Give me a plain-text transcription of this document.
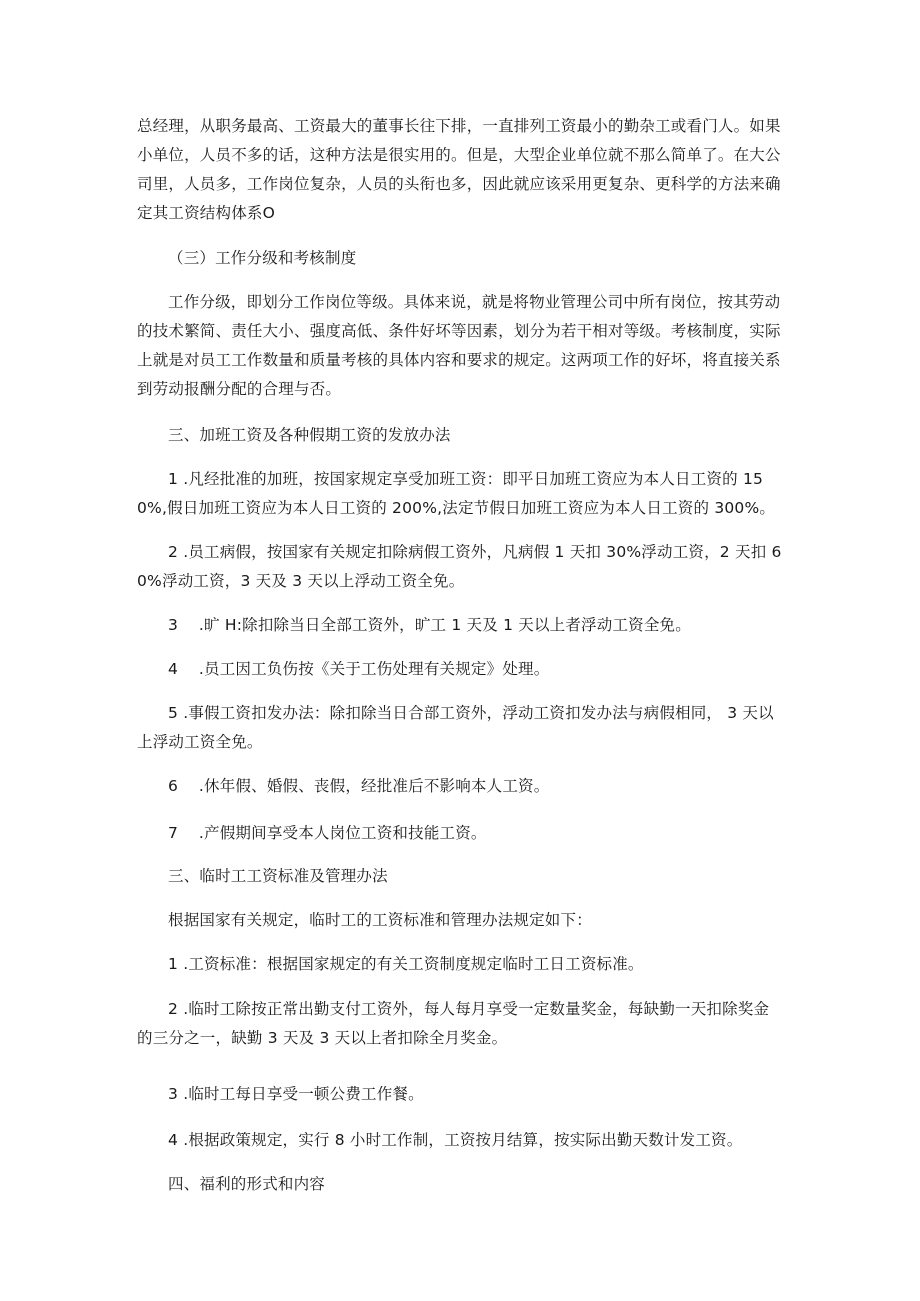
总经理，从职务最高、工资最大的董事长往下排，一直排列工资最小的勤杂工或看门人。如果小单位，人员不多的话，这种方法是很实用的。但是，大型企业单位就不那么简单了。在大公司里，人员多，工作岗位复杂，人员的头衔也多，因此就应该采用更复杂、更科学的方法来确定其工资结构体系O

（三）工作分级和考核制度

工作分级，即划分工作岗位等级。具体来说，就是将物业管理公司中所有岗位，按其劳动的技术繁简、责任大小、强度高低、条件好坏等因素，划分为若干相对等级。考核制度，实际上就是对员工工作数量和质量考核的具体内容和要求的规定。这两项工作的好坏，将直接关系到劳动报酬分配的合理与否。

三、加班工资及各种假期工资的发放办法

1 .凡经批准的加班，按国家规定享受加班工资：即平日加班工资应为本人日工资的 150%,假日加班工资应为本人日工资的 200%,法定节假日加班工资应为本人日工资的 300%。

2 .员工病假，按国家有关规定扣除病假工资外，凡病假 1 天扣 30%浮动工资，2 天扣 60%浮动工资，3 天及 3 天以上浮动工资全免。

3　 .旷 H:除扣除当日全部工资外，旷工 1 天及 1 天以上者浮动工资全免。

4　 .员工因工负伤按《关于工伤处理有关规定》处理。

5 .事假工资扣发办法：除扣除当日合部工资外，浮动工资扣发办法与病假相同， 3 天以上浮动工资全免。

6　 .休年假、婚假、丧假，经批准后不影响本人工资。

7　 .产假期间享受本人岗位工资和技能工资。

三、临时工工资标准及管理办法

根据国家有关规定，临时工的工资标准和管理办法规定如下：

1 .工资标准：根据国家规定的有关工资制度规定临时工日工资标准。

2 .临时工除按正常出勤支付工资外，每人每月享受一定数量奖金，每缺勤一天扣除奖金的三分之一，缺勤 3 天及 3 天以上者扣除全月奖金。

3 .临时工每日享受一顿公费工作餐。

4 .根据政策规定，实行 8 小时工作制，工资按月结算，按实际出勤天数计发工资。

四、福利的形式和内容
